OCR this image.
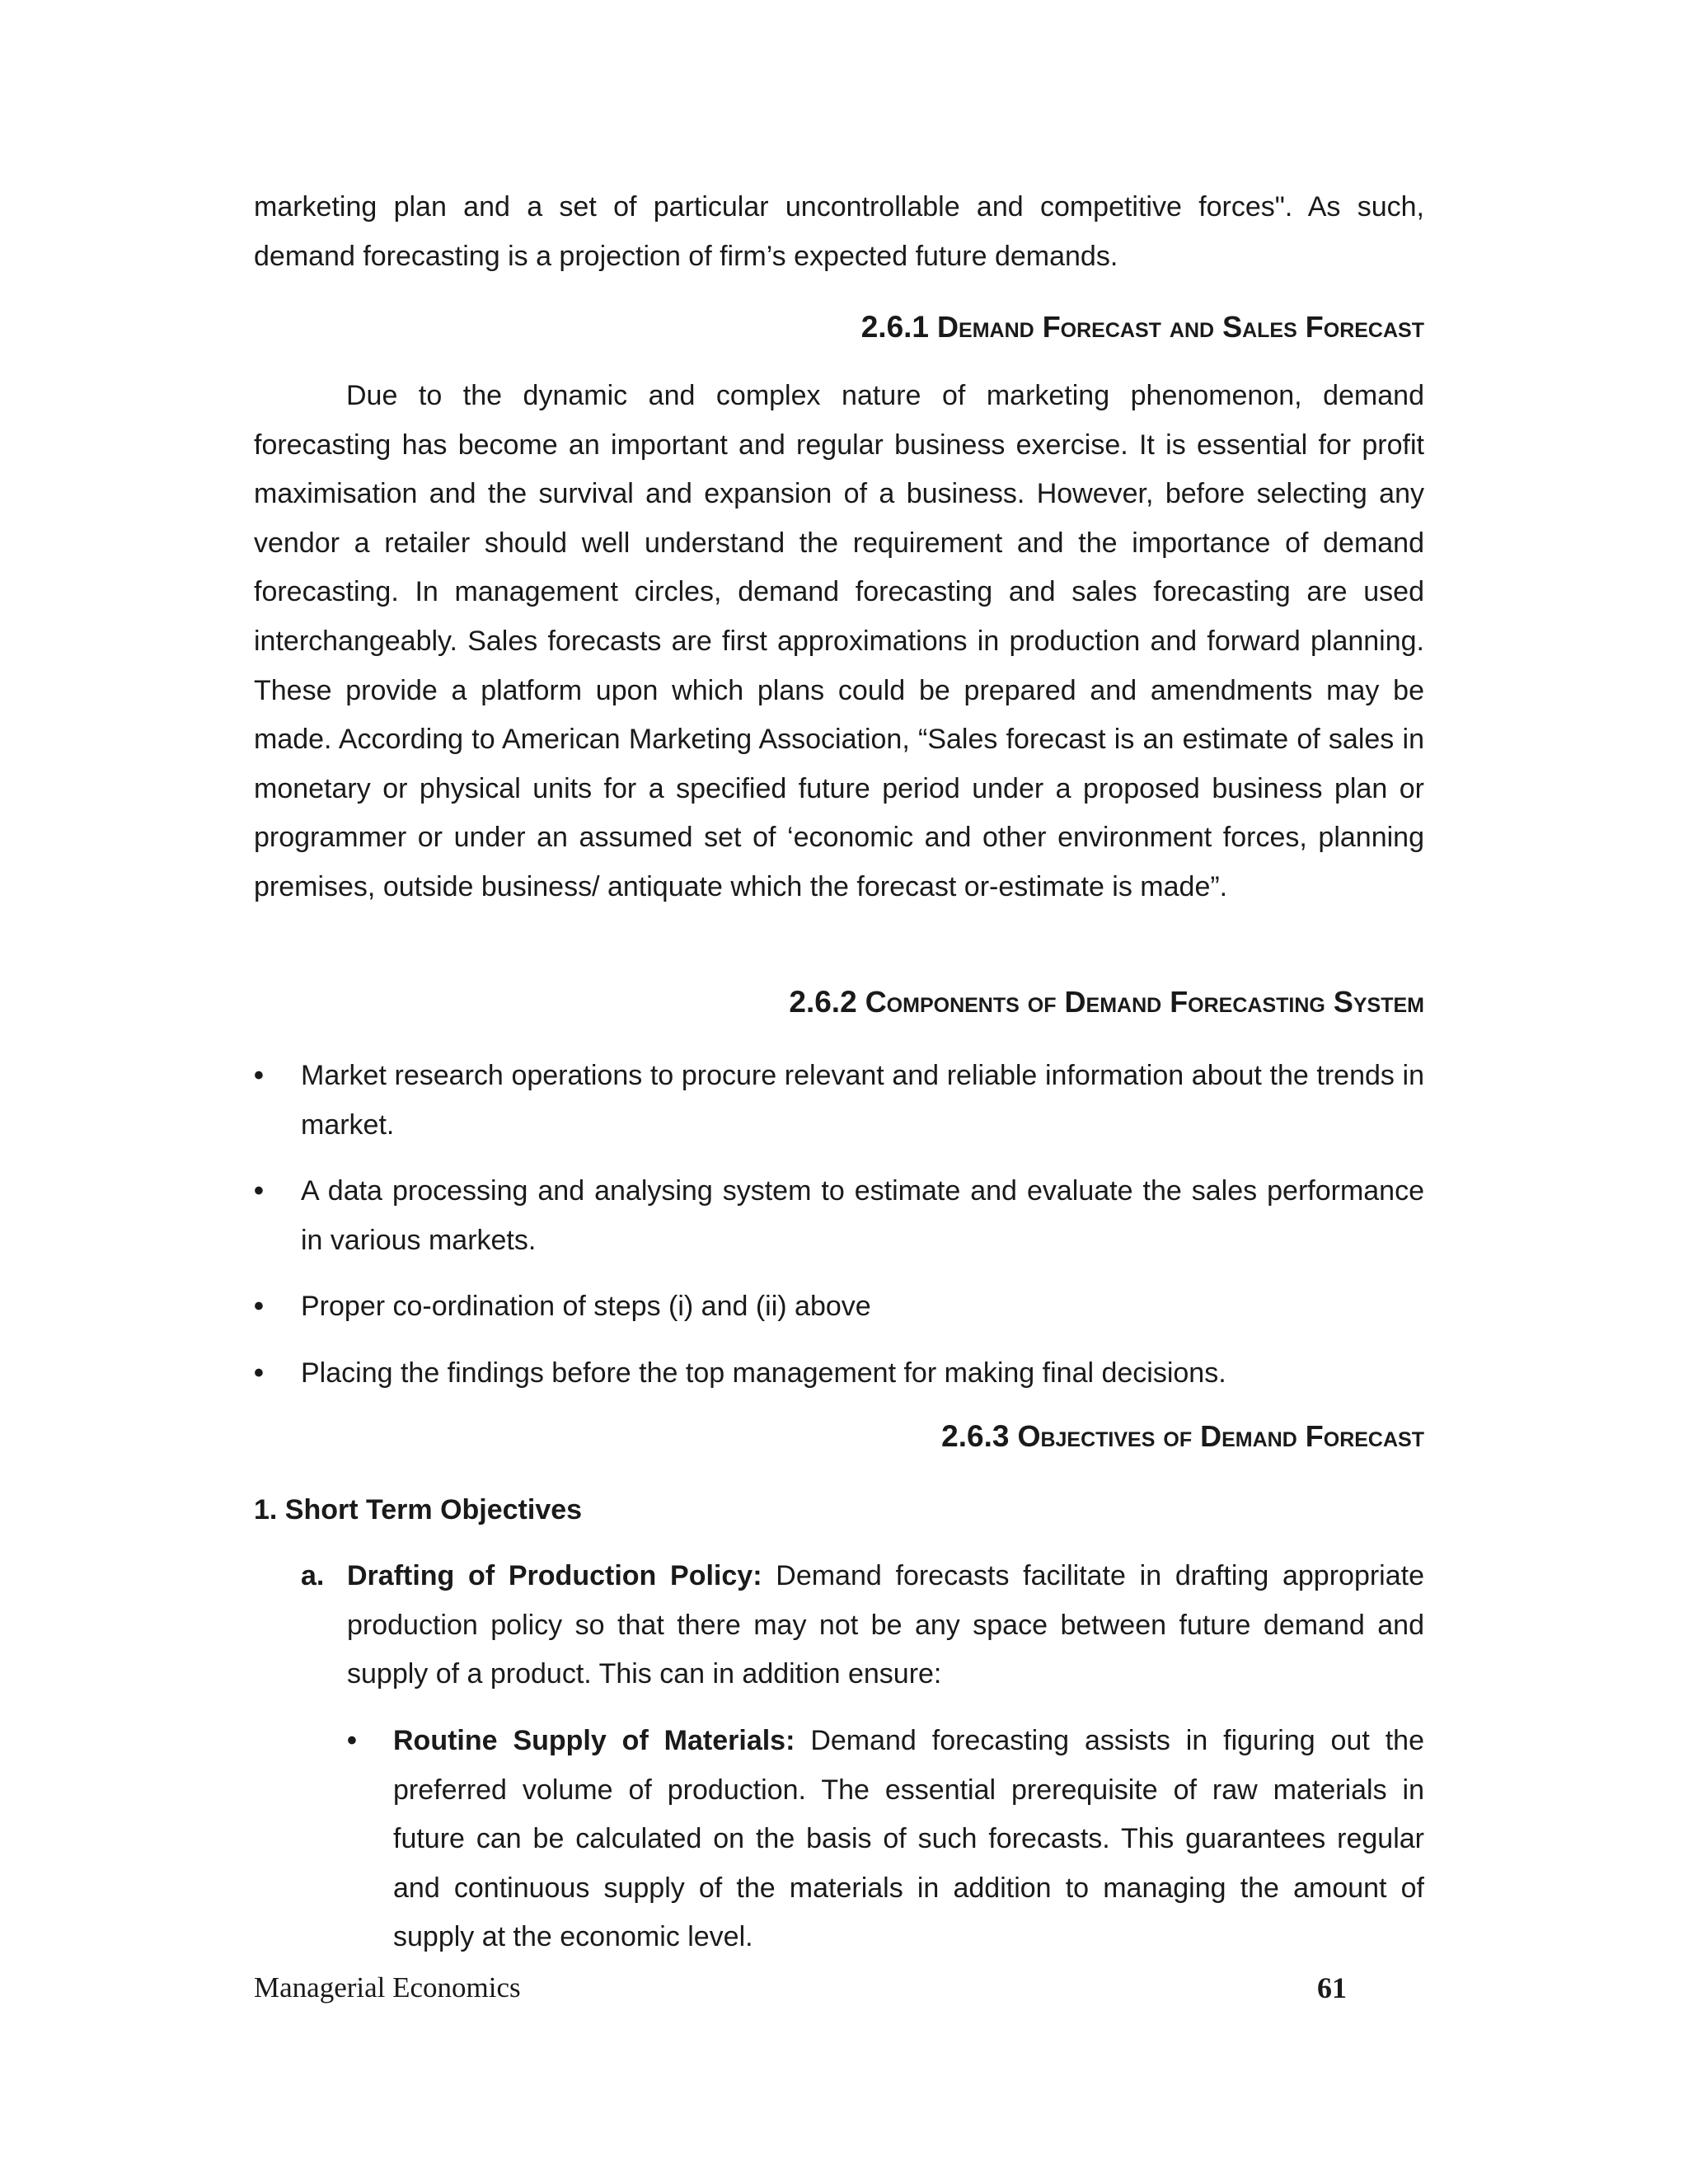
marketing plan and a set of particular uncontrollable and competitive forces". As such, demand forecasting is a projection of firm’s expected future demands.

2.6.1 Demand Forecast and Sales Forecast

Due to the dynamic and complex nature of marketing phenomenon, demand forecasting has become an important and regular business exercise. It is essential for profit maximisation and the survival and expansion of a business. However, before selecting any vendor a retailer should well understand the requirement and the importance of demand forecasting. In management circles, demand forecasting and sales forecasting are used interchangeably. Sales forecasts are first approximations in production and forward planning. These provide a platform upon which plans could be prepared and amendments may be made. According to American Marketing Association, “Sales forecast is an estimate of sales in monetary or physical units for a specified future period under a proposed business plan or programmer or under an assumed set of ‘economic and other environment forces, planning premises, outside business/ antiquate which the forecast or-estimate is made”.

2.6.2 Components of Demand Forecasting System
• Market research operations to procure relevant and reliable information about the trends in market.

• A data processing and analysing system to estimate and evaluate the sales performance in various markets.

• Proper co-ordination of steps (i) and (ii) above

• Placing the findings before the top management for making final decisions.

2.6.3 Objectives of Demand Forecast

1. Short Term Objectives

a. Drafting of Production Policy: Demand forecasts facilitate in drafting appropriate production policy so that there may not be any space between future demand and supply of a product. This can in addition ensure:

• Routine Supply of Materials: Demand forecasting assists in figuring out the preferred volume of production. The essential prerequisite of raw materials in future can be calculated on the basis of such forecasts. This guarantees regular and continuous supply of the materials in addition to managing the amount of supply at the economic level.

Managerial Economics	61
